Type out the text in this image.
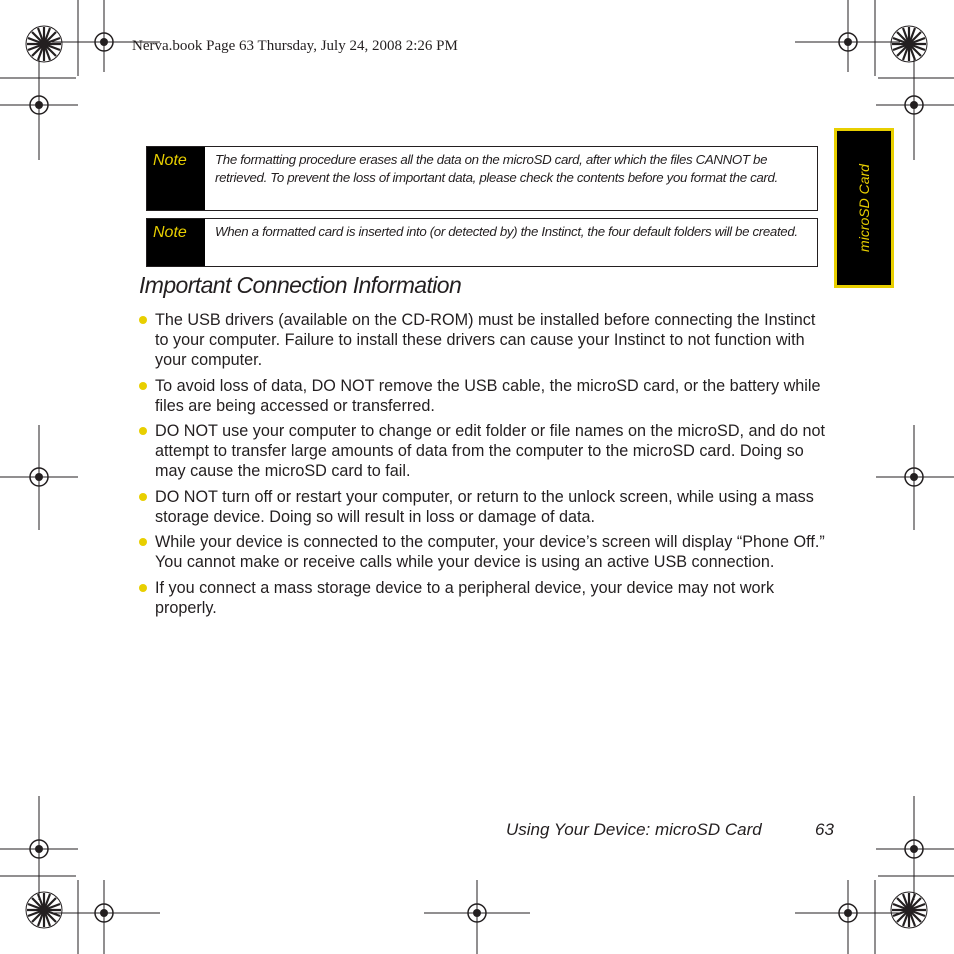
Nerva.book Page 63 Thursday, July 24, 2008 2:26 PM
microSD Card
Note	The formatting procedure erases all the data on the microSD card, after which the files CANNOT be retrieved. To prevent the loss of important data, please check the contents before you format the card.
Note	When a formatted card is inserted into (or detected by) the Instinct, the four default folders will be created.
Important Connection Information
The USB drivers (available on the CD-ROM) must be installed before connecting the Instinct to your computer. Failure to install these drivers can cause your Instinct to not function with your computer.
To avoid loss of data, DO NOT remove the USB cable, the microSD card, or the battery while files are being accessed or transferred.
DO NOT use your computer to change or edit folder or file names on the microSD, and do not attempt to transfer large amounts of data from the computer to the microSD card. Doing so may cause the microSD card to fail.
DO NOT turn off or restart your computer, or return to the unlock screen, while using a mass storage device. Doing so will result in loss or damage of data.
While your device is connected to the computer, your device’s screen will display “Phone Off.” You cannot make or receive calls while your device is using an active USB connection.
If you connect a mass storage device to a peripheral device, your device may not work properly.
Using Your Device: microSD Card	63
